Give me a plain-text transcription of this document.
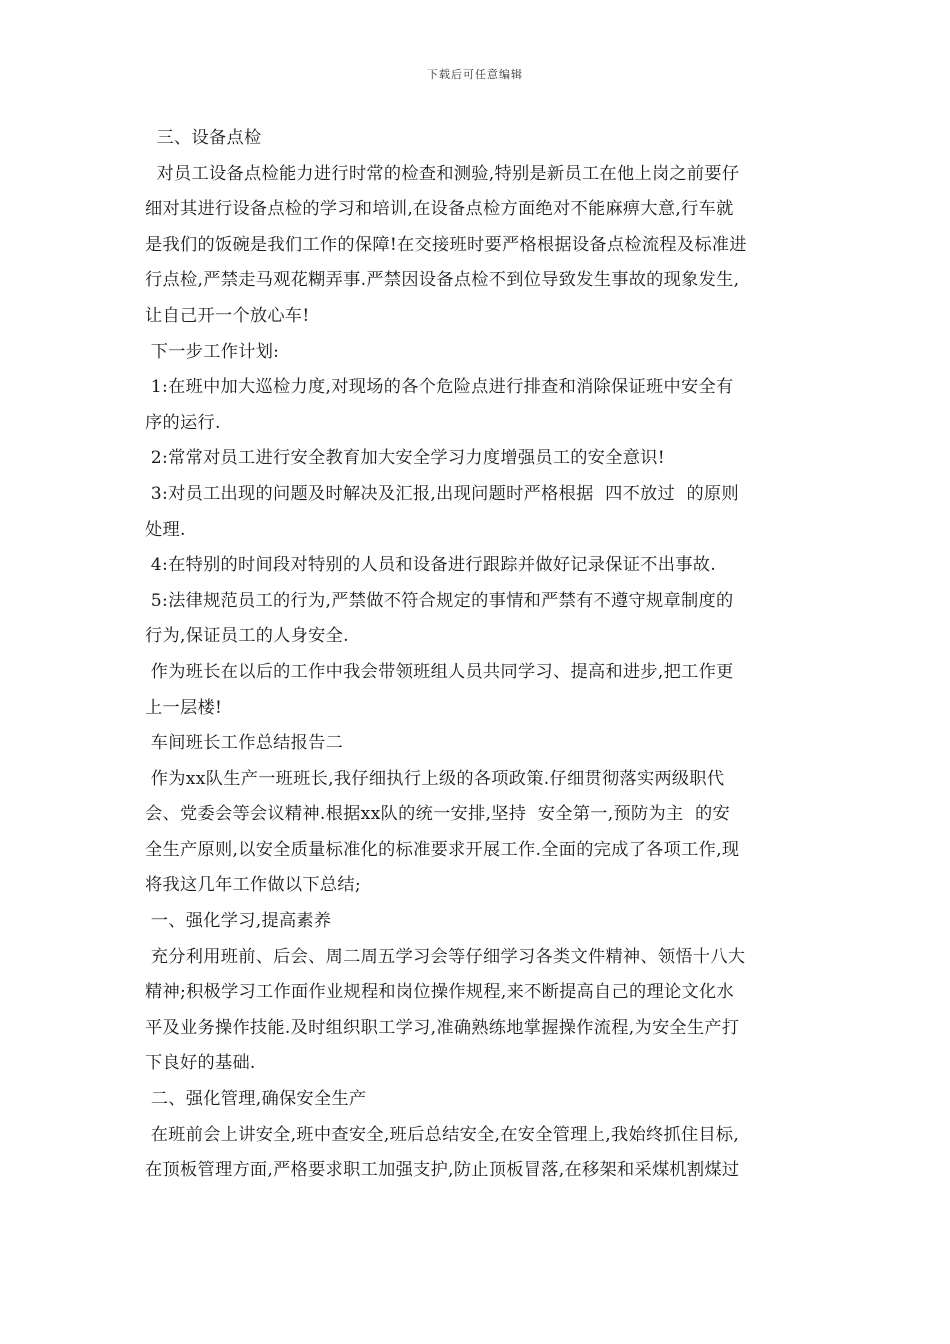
下载后可任意编辑
三、设备点检
对员工设备点检能力进行时常的检查和测验,特别是新员工在他上岗之前要仔
细对其进行设备点检的学习和培训,在设备点检方面绝对不能麻痹大意,行车就
是我们的饭碗是我们工作的保障!在交接班时要严格根据设备点检流程及标准进
行点检,严禁走马观花糊弄事.严禁因设备点检不到位导致发生事故的现象发生,
让自己开一个放心车!
下一步工作计划:
1:在班中加大巡检力度,对现场的各个危险点进行排查和消除保证班中安全有
序的运行.
2:常常对员工进行安全教育加大安全学习力度增强员工的安全意识!
3:对员工出现的问题及时解决及汇报,出现问题时严格根据  四不放过  的原则
处理.
4:在特别的时间段对特别的人员和设备进行跟踪并做好记录保证不出事故.
5:法律规范员工的行为,严禁做不符合规定的事情和严禁有不遵守规章制度的
行为,保证员工的人身安全.
作为班长在以后的工作中我会带领班组人员共同学习、提高和进步,把工作更
上一层楼!
车间班长工作总结报告二
作为xx队生产一班班长,我仔细执行上级的各项政策.仔细贯彻落实两级职代
会、党委会等会议精神.根据xx队的统一安排,坚持  安全第一,预防为主  的安
全生产原则,以安全质量标准化的标准要求开展工作.全面的完成了各项工作,现
将我这几年工作做以下总结;
一、强化学习,提高素养
充分利用班前、后会、周二周五学习会等仔细学习各类文件精神、领悟十八大
精神;积极学习工作面作业规程和岗位操作规程,来不断提高自己的理论文化水
平及业务操作技能.及时组织职工学习,准确熟练地掌握操作流程,为安全生产打
下良好的基础.
二、强化管理,确保安全生产
在班前会上讲安全,班中查安全,班后总结安全,在安全管理上,我始终抓住目标,
在顶板管理方面,严格要求职工加强支护,防止顶板冒落,在移架和采煤机割煤过
